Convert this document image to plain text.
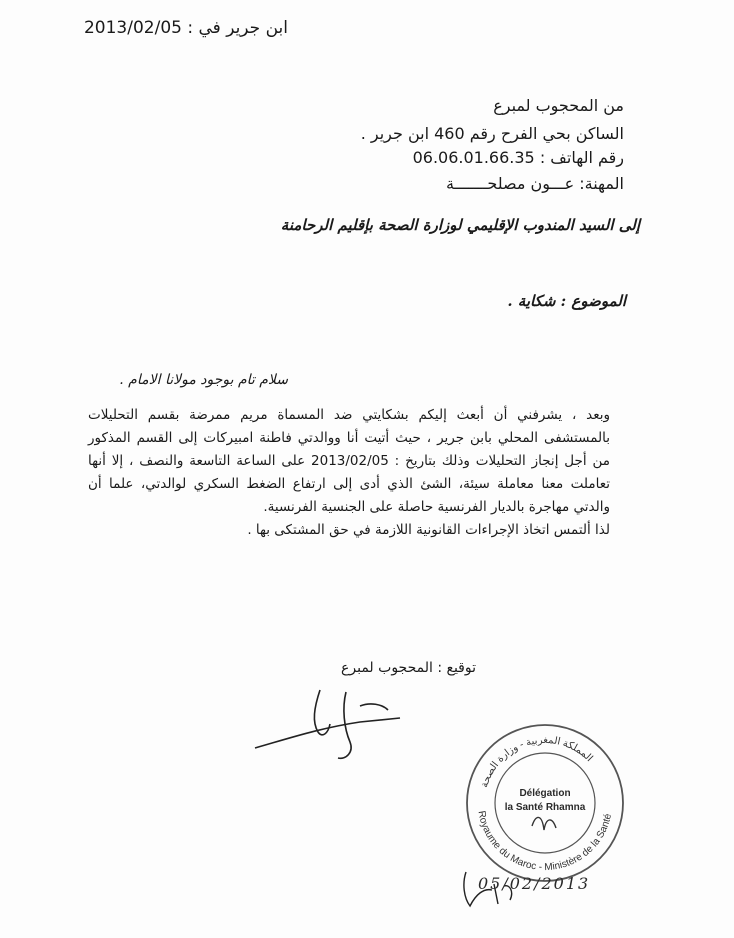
ابن جرير في : 2013/02/05
من المحجوب لمبرع
الساكن بحي الفرح رقم 460 ابن جرير .
رقم الهاتف : 06.06.01.66.35
المهنة: عـــون مصلحـــــــة
إلى السيد المندوب الإقليمي لوزارة الصحة بإقليم الرحامنة
الموضوع : شكاية .
سلام تام بوجود مولانا الامام .

وبعد ، يشرفني أن أبعث إليكم بشكايتي ضد المسماة مريم ممرضة بقسم التحليلات بالمستشفى المحلي بابن جرير ، حيث أتيت أنا ووالدتي فاطنة امبيركات إلى القسم المذكور من أجل إنجاز التحليلات وذلك بتاريخ : 2013/02/05 على الساعة التاسعة والنصف ، إلا أنها تعاملت معنا معاملة سيئة، الشئ الذي أدى إلى ارتفاع الضغط السكري لوالدتي، علما أن والدتي مهاجرة بالديار الفرنسية حاصلة على الجنسية الفرنسية.

لذا ألتمس اتخاذ الإجراءات القانونية اللازمة في حق المشتكى بها .

توقيع : المحجوب لمبرع
المملكة المغربية - وزارة الصحة
Royaume du Maroc - Ministère de la Santé
Délégation
la Santé Rhamna
05/02/2013
